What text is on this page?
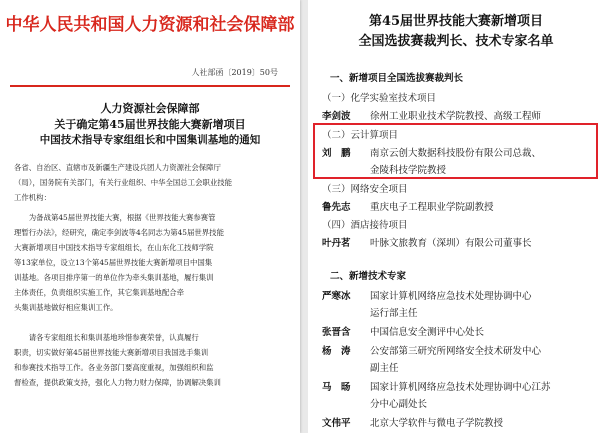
中华人民共和国人力资源和社会保障部
人社部函〔2019〕50号
人力资源社会保障部
关于确定第45届世界技能大赛新增项目
中国技术指导专家组组长和中国集训基地的通知
各省、自治区、直辖市及新疆生产建设兵团人力资源社会保障厅
（局），国务院有关部门，有关行业组织、中华全国总工会职业技能
工作机构：
　　为备战第45届世界技能大赛，根据《世界技能大赛参赛管
理暂行办法》，经研究，确定李剑波等4名同志为第45届世界技能
大赛新增项目中国技术指导专家组组长，在山东化工技师学院
等13家单位，设立13个第45届世界技能大赛新增项目中国集
训基地。各项目排序第一的单位作为牵头集训基地，履行集训
主体责任，负责组织实施工作，其它集训基地配合牵
头集训基地做好相应集训工作。
　　请各专家组组长和集训基地珍惜参赛荣誉，认真履行
职责，切实做好第45届世界技能大赛新增项目我国选手集训
和参赛技术指导工作。各业务部门要高度重视，加强组织和监
督检查，提供政策支持，强化人力物力财力保障，协调解决集训
第45届世界技能大赛新增项目
全国选拔赛裁判长、技术专家名单
一、新增项目全国选拔赛裁判长
（一）化学实验室技术项目
李剑波 徐州工业职业技术学院教授、高级工程师
（二）云计算项目
刘　鹏 南京云创大数据科技股份有限公司总裁、
金陵科技学院教授
（三）网络安全项目
鲁先志 重庆电子工程职业学院副教授
（四）酒店接待项目
叶丹茗 叶脉文旅教育（深圳）有限公司董事长
二、新增技术专家
严寒冰 国家计算机网络应急技术处理协调中心
运行部主任
张晋含 中国信息安全测评中心处长
杨　涛 公安部第三研究所网络安全技术研发中心
副主任
马　旸 国家计算机网络应急技术处理协调中心江苏
分中心副处长
文伟平 北京大学软件与微电子学院教授
